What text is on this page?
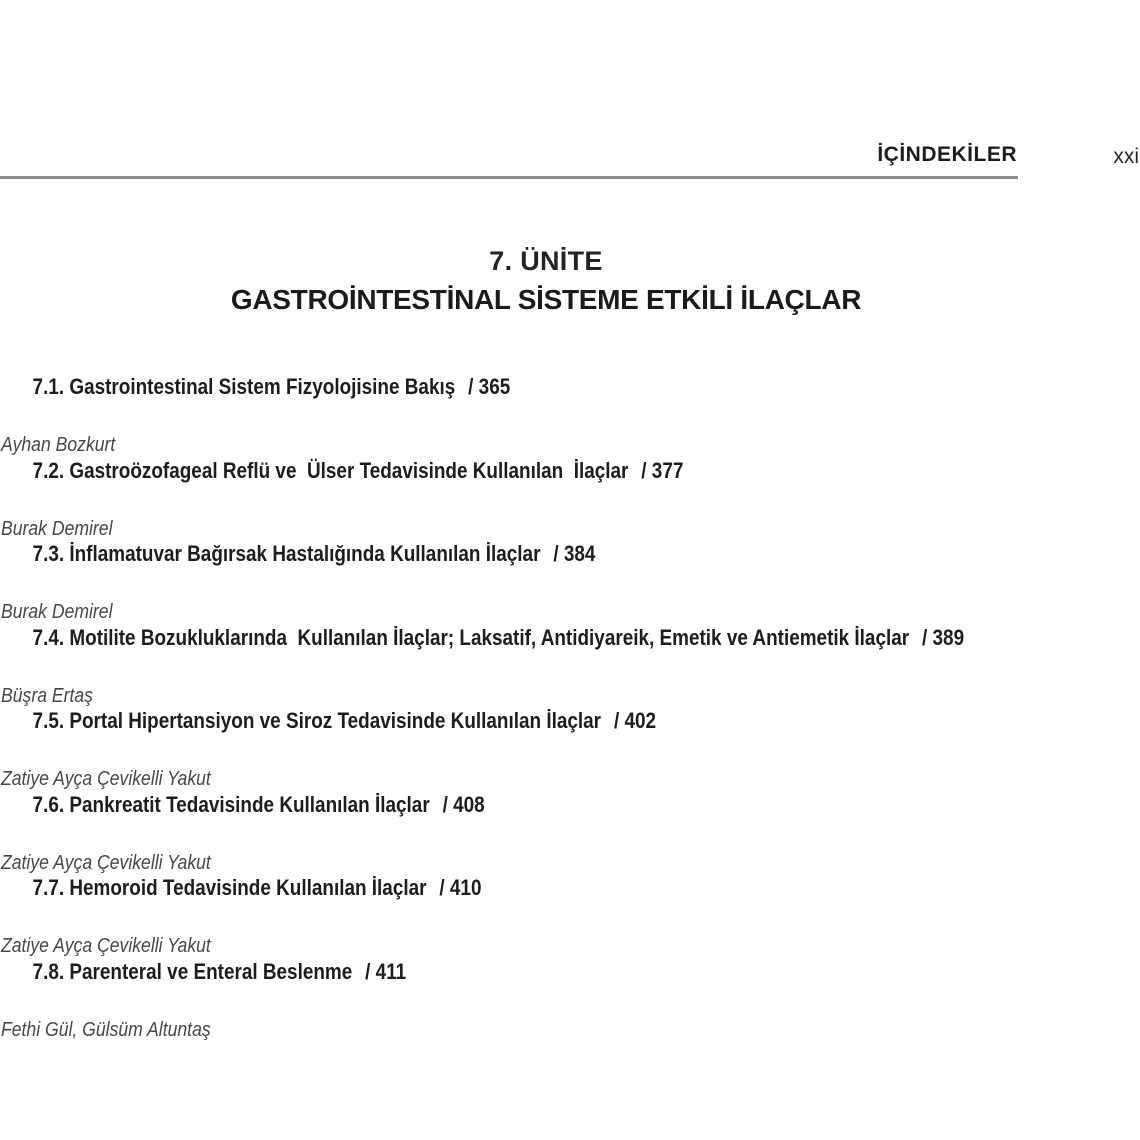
İÇİNDEKİLER	xxi
7. ÜNİTE
GASTROİNTESTİNAL SİSTEME ETKİLİ İLAÇLAR

7.1. Gastrointestinal Sistem Fizyolojisine Bakış / 365

Ayhan Bozkurt

7.2. Gastroözofageal Reflü ve  Ülser Tedavisinde Kullanılan  İlaçlar / 377

Burak Demirel

7.3. İnflamatuvar Bağırsak Hastalığında Kullanılan İlaçlar / 384

Burak Demirel

7.4. Motilite Bozukluklarında  Kullanılan İlaçlar; Laksatif, Antidiyareik, Emetik ve Antiemetik İlaçlar / 389

Büşra Ertaş

7.5. Portal Hipertansiyon ve Siroz Tedavisinde Kullanılan İlaçlar / 402

Zatiye Ayça Çevikelli Yakut

7.6. Pankreatit Tedavisinde Kullanılan İlaçlar / 408

Zatiye Ayça Çevikelli Yakut

7.7. Hemoroid Tedavisinde Kullanılan İlaçlar / 410

Zatiye Ayça Çevikelli Yakut

7.8. Parenteral ve Enteral Beslenme / 411

Fethi Gül, Gülsüm Altuntaş
